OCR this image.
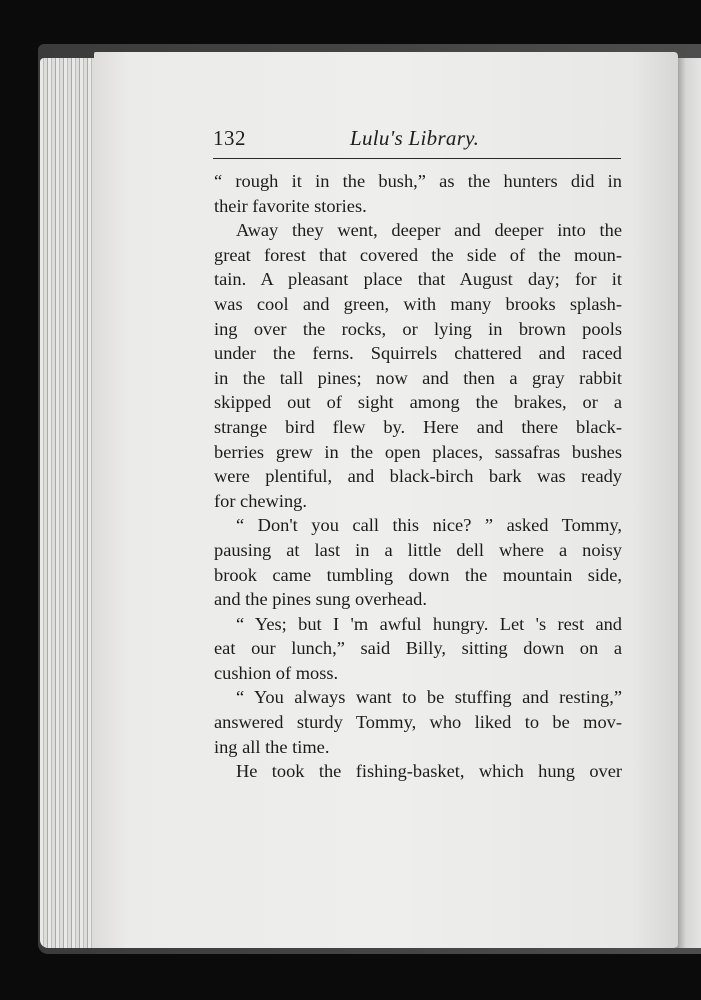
132	Lulu's Library.
“ rough it in the bush,” as the hunters did in
their favorite stories.
Away they went, deeper and deeper into the
great forest that covered the side of the moun-
tain. A pleasant place that August day; for it
was cool and green, with many brooks splash-
ing over the rocks, or lying in brown pools
under the ferns. Squirrels chattered and raced
in the tall pines; now and then a gray rabbit
skipped out of sight among the brakes, or a
strange bird flew by. Here and there black-
berries grew in the open places, sassafras bushes
were plentiful, and black-birch bark was ready
for chewing.
“ Don't you call this nice? ” asked Tommy,
pausing at last in a little dell where a noisy
brook came tumbling down the mountain side,
and the pines sung overhead.
“ Yes; but I 'm awful hungry. Let 's rest and
eat our lunch,” said Billy, sitting down on a
cushion of moss.
“ You always want to be stuffing and resting,”
answered sturdy Tommy, who liked to be mov-
ing all the time.
He took the fishing-basket, which hung over
